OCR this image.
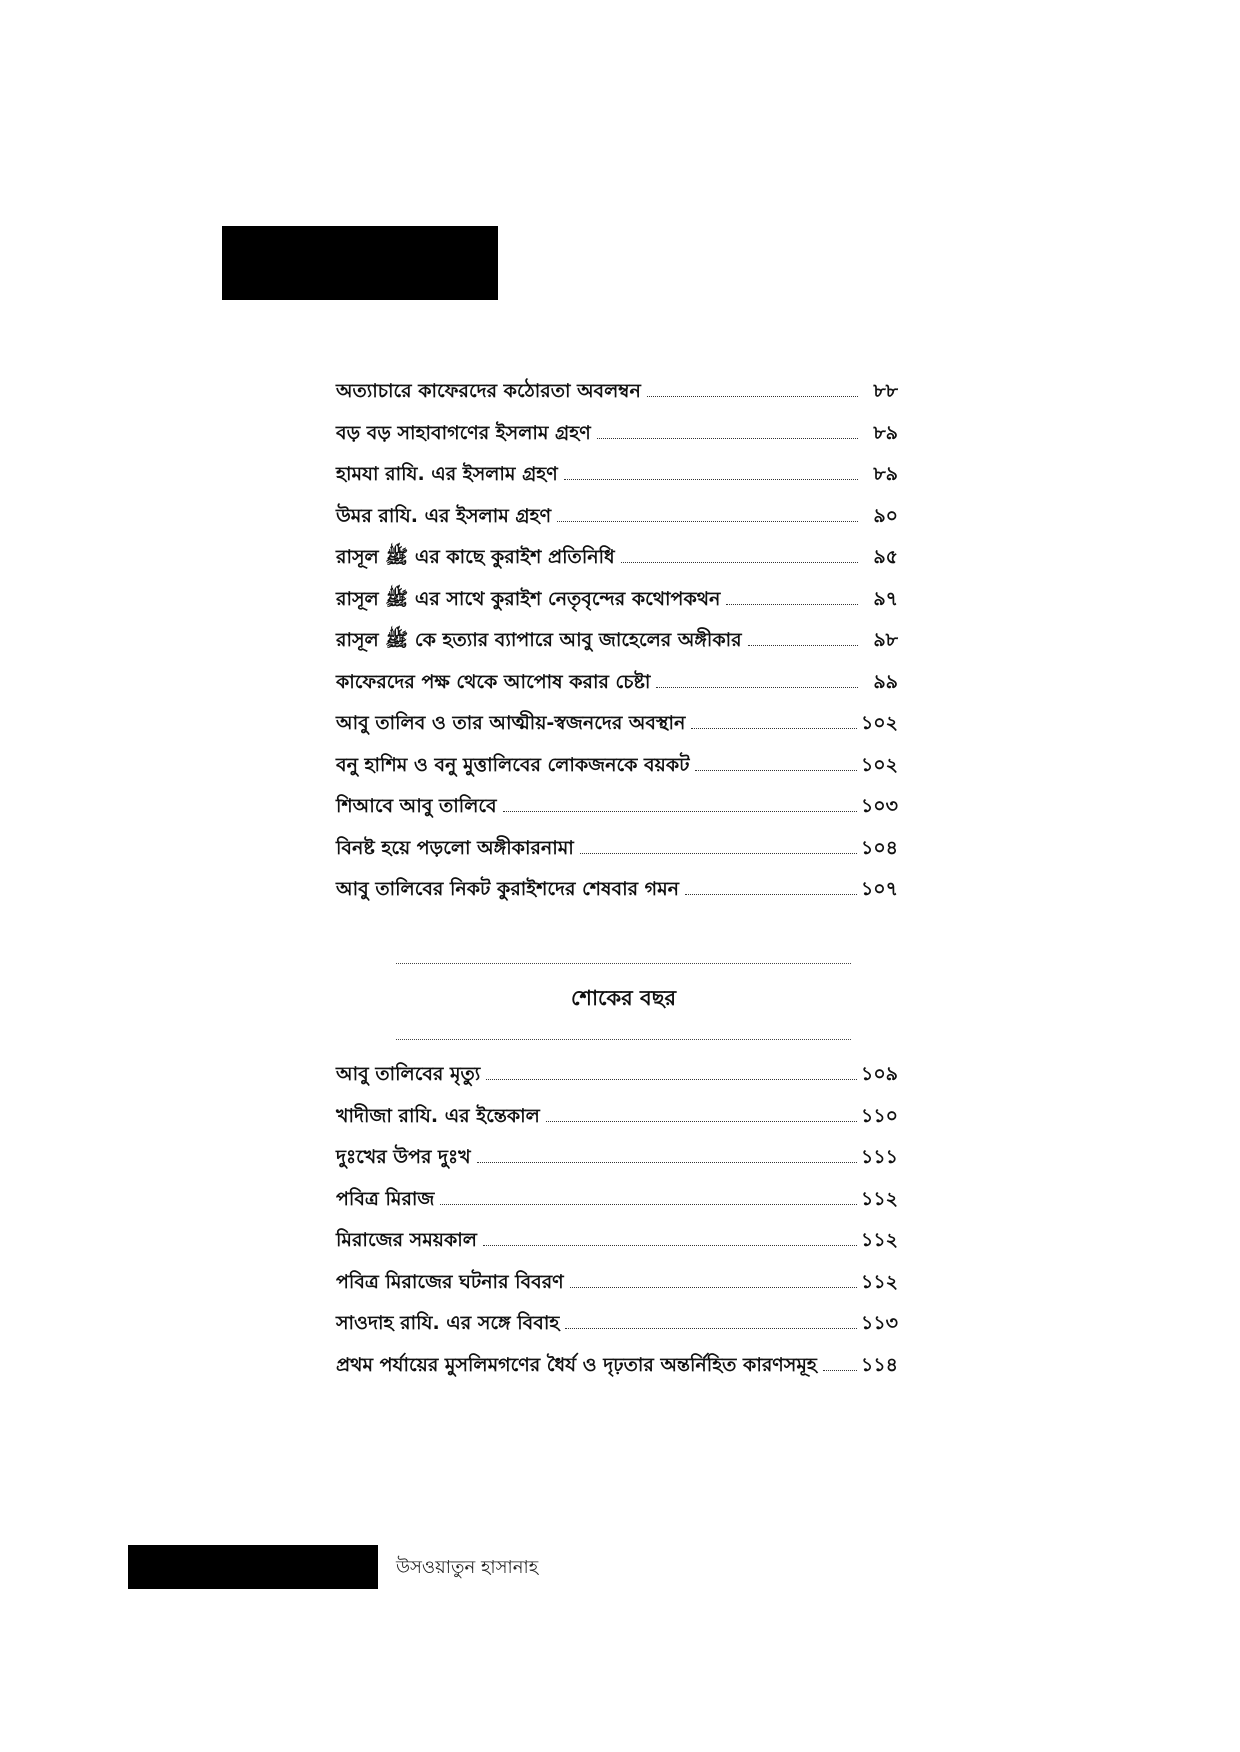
অত্যাচারে কাফেরদের কঠোরতা অবলম্বন	৮৮
বড় বড় সাহাবাগণের ইসলাম গ্রহণ	৮৯
হামযা রাযি. এর ইসলাম গ্রহণ	৮৯
উমর রাযি. এর ইসলাম গ্রহণ	৯০
রাসূল ﷺ এর কাছে কুরাইশ প্রতিনিধি	৯৫
রাসূল ﷺ এর সাথে কুরাইশ নেতৃবৃন্দের কথোপকথন	৯৭
রাসূল ﷺ কে হত্যার ব্যাপারে আবু জাহেলের অঙ্গীকার	৯৮
কাফেরদের পক্ষ থেকে আপোষ করার চেষ্টা	৯৯
আবু তালিব ও তার আত্মীয়-স্বজনদের অবস্থান	১০২
বনু হাশিম ও বনু মুত্তালিবের লোকজনকে বয়কট	১০২
শিআবে আবু তালিবে	১০৩
বিনষ্ট হয়ে পড়লো অঙ্গীকারনামা	১০৪
আবু তালিবের নিকট কুরাইশদের শেষবার গমন	১০৭
শোকের বছর
আবু তালিবের মৃত্যু	১০৯
খাদীজা রাযি. এর ইন্তেকাল	১১০
দুঃখের উপর দুঃখ	১১১
পবিত্র মিরাজ	১১২
মিরাজের সময়কাল	১১২
পবিত্র মিরাজের ঘটনার বিবরণ	১১২
সাওদাহ রাযি. এর সঙ্গে বিবাহ	১১৩
প্রথম পর্যায়ের মুসলিমগণের ধৈর্য ও দৃঢ়তার অন্তর্নিহিত কারণসমূহ	১১৪
উসওয়াতুন হাসানাহ
